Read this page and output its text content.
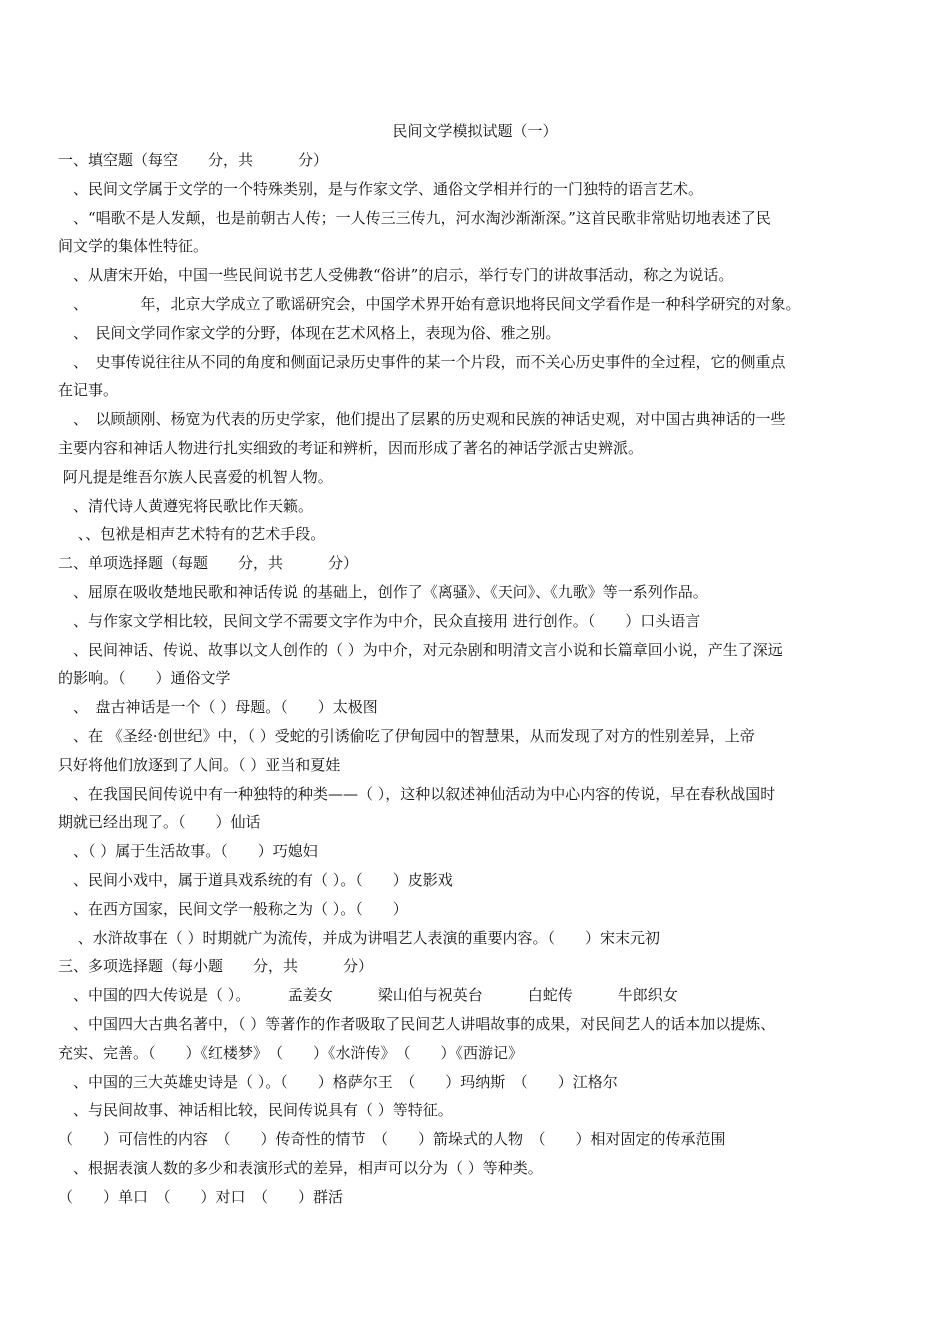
民间文学模拟试题（一）
一、填空题（每空　　分，共　　　分）
　、民间文学属于文学的一个特殊类别，是与作家文学、通俗文学相并行的一门独特的语言艺术。
　、“唱歌不是人发颠，也是前朝古人传；一人传三三传九，河水淘沙渐渐深。”这首民歌非常贴切地表述了民
间文学的集体性特征。
　、从唐宋开始，中国一些民间说书艺人受佛教“俗讲”的启示，举行专门的讲故事活动，称之为说话。
　、　　　　年，北京大学成立了歌谣研究会，中国学术界开始有意识地将民间文学看作是一种科学研究的对象。
　、　民间文学同作家文学的分野，体现在艺术风格上，表现为俗、雅之别。
　、　史事传说往往从不同的角度和侧面记录历史事件的某一个片段，而不关心历史事件的全过程，它的侧重点
在记事。
　、　以顾颉刚、杨宽为代表的历史学家，他们提出了层累的历史观和民族的神话史观，对中国古典神话的一些
主要内容和神话人物进行扎实细致的考证和辨析，因而形成了著名的神话学派古史辨派。
阿凡提是维吾尔族人民喜爱的机智人物。
　、清代诗人黄遵宪将民歌比作天籁。
　 、、包袱是相声艺术特有的艺术手段。
二、单项选择题（每题　　分，共　　　分）
　、屈原在吸收楚地民歌和神话传说 的基础上，创作了《离骚》、《天问》、《九歌》等一系列作品。
　、与作家文学相比较，民间文学不需要文字作为中介，民众直接用 进行创作。（　　）口头语言
　、民间神话、传说、故事以文人创作的（ ）为中介，对元杂剧和明清文言小说和长篇章回小说，产生了深远
的影响。（　　）通俗文学
　、　盘古神话是一个（ ）母题。（　　）太极图
　、在 《圣经·创世纪》中，（ ）受蛇的引诱偷吃了伊甸园中的智慧果，从而发现了对方的性别差异，上帝
只好将他们放逐到了人间。（ ）亚当和夏娃
　、在我国民间传说中有一种独特的种类——（ ），这种以叙述神仙活动为中心内容的传说，早在春秋战国时
期就已经出现了。（　　）仙话
　、（ ）属于生活故事。（　　）巧媳妇
　、民间小戏中，属于道具戏系统的有（ ）。（　　）皮影戏
　、在西方国家，民间文学一般称之为（ ）。（　　）
　 、水浒故事在（ ）时期就广为流传，并成为讲唱艺人表演的重要内容。（　　）宋末元初
三、多项选择题（每小题　　分，共　　　分）
　、中国的四大传说是（ ）。　　　孟姜女　　　梁山伯与祝英台　　　白蛇传　　　牛郎织女
　、中国四大古典名著中，（ ）等著作的作者吸取了民间艺人讲唱故事的成果，对民间艺人的话本加以提炼、
充实、完善。（　　）《红楼梦》　（　　）《水浒传》　（　　）《西游记》
　、中国的三大英雄史诗是（ ）。（　　）格萨尔王　（　　）玛纳斯　（　　）江格尔
　、与民间故事、神话相比较，民间传说具有（ ）等特征。
（　　）可信性的内容　（　　）传奇性的情节　（　　）箭垛式的人物　（　　）相对固定的传承范围
　、根据表演人数的多少和表演形式的差异，相声可以分为（ ）等种类。
（　　）单口　（　　）对口　（　　）群活
